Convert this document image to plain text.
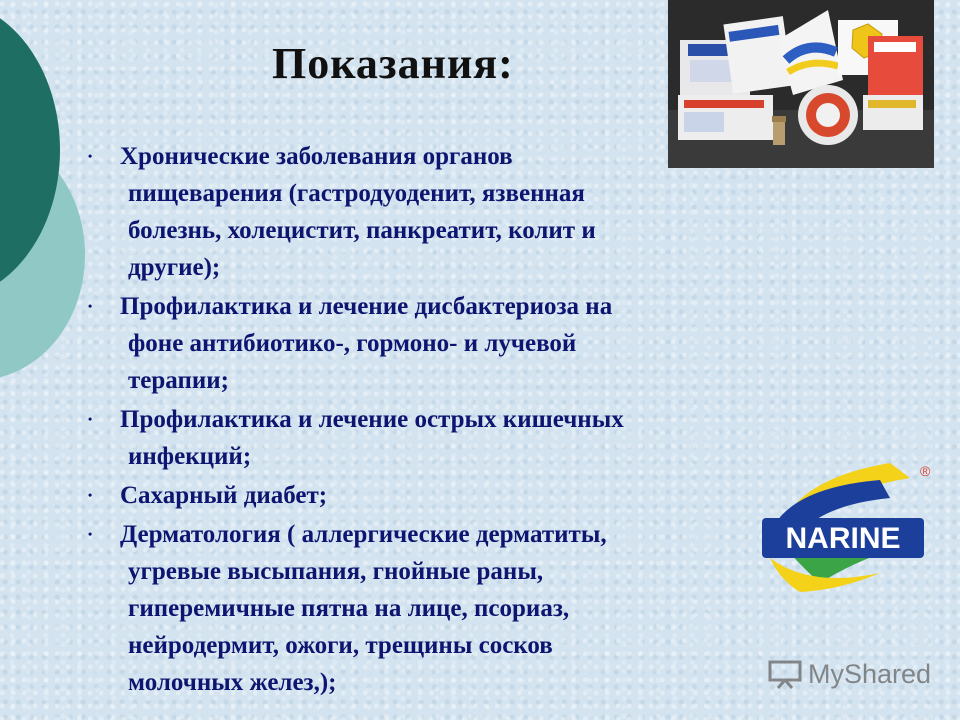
Показания:
•	Хронические заболевания органов
пищеварения (гастродуоденит, язвенная
болезнь, холецистит, панкреатит, колит и
другие);
•	Профилактика и лечение дисбактериоза на
фоне антибиотико-, гормоно- и лучевой
терапии;
•	Профилактика и лечение острых кишечных
инфекций;
•	Сахарный диабет;
•	Дерматология ( аллергические дерматиты,
угревые высыпания, гнойные раны,
гиперемичные пятна на лице, псориаз,
нейродермит, ожоги, трещины сосков
молочных желез,);
NARINE
®
MyShared
